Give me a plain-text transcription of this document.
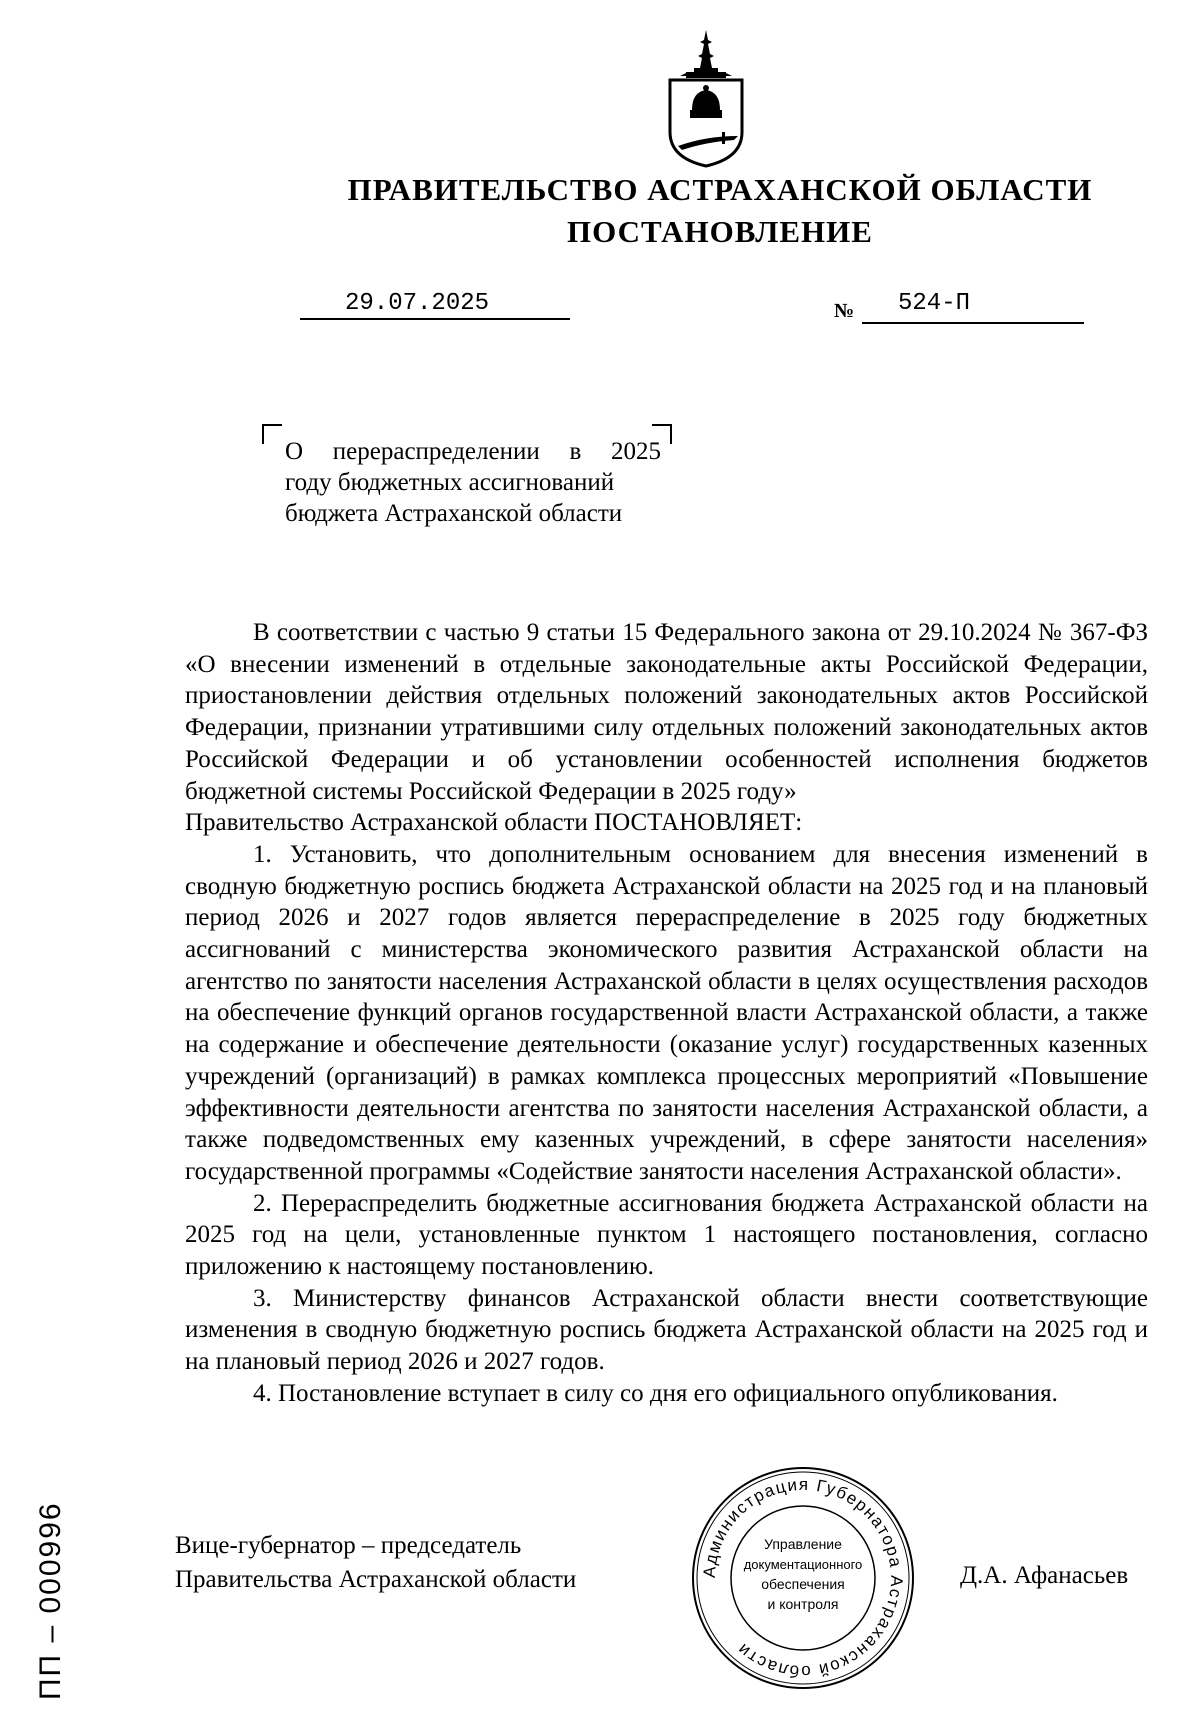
ПРАВИТЕЛЬСТВО АСТРАХАНСКОЙ ОБЛАСТИ
ПОСТАНОВЛЕНИЕ
29.07.2025	№ 524-П
О перераспределении в 2025
году бюджетных ассигнований
бюджета Астраханской области

В соответствии с частью 9 статьи 15 Федерального закона от 29.10.2024 № 367-ФЗ «О внесении изменений в отдельные законодательные акты Российской Федерации, приостановлении действия отдельных положений законодательных актов Российской Федерации, признании утратившими силу отдельных положений законодательных актов Российской Федерации и об установлении особенностей исполнения бюджетов бюджетной системы Российской Федерации в 2025 году»

Правительство Астраханской области ПОСТАНОВЛЯЕТ:

1. Установить, что дополнительным основанием для внесения изменений в сводную бюджетную роспись бюджета Астраханской области на 2025 год и на плановый период 2026 и 2027 годов является перераспределение в 2025 году бюджетных ассигнований с министерства экономического развития Астраханской области на агентство по занятости населения Астраханской области в целях осуществления расходов на обеспечение функций органов государственной власти Астраханской области, а также на содержание и обеспечение деятельности (оказание услуг) государственных казенных учреждений (организаций) в рамках комплекса процессных мероприятий «Повышение эффективности деятельности агентства по занятости населения Астраханской области, а также подведомственных ему казенных учреждений, в сфере занятости населения» государственной программы «Содействие занятости населения Астраханской области».

2. Перераспределить бюджетные ассигнования бюджета Астраханской области на 2025 год на цели, установленные пунктом 1 настоящего постановления, согласно приложению к настоящему постановлению.

3. Министерству финансов Астраханской области внести соответствующие изменения в сводную бюджетную роспись бюджета Астраханской области на 2025 год и на плановый период 2026 и 2027 годов.

4. Постановление вступает в силу со дня его официального опубликования.

Вице-губернатор – председатель
Правительства Астраханской области	Д.А. Афанасьев
Администрация Губернатора Астраханской области
Управление
документационного
обеспечения
и контроля
ПП – 000996
